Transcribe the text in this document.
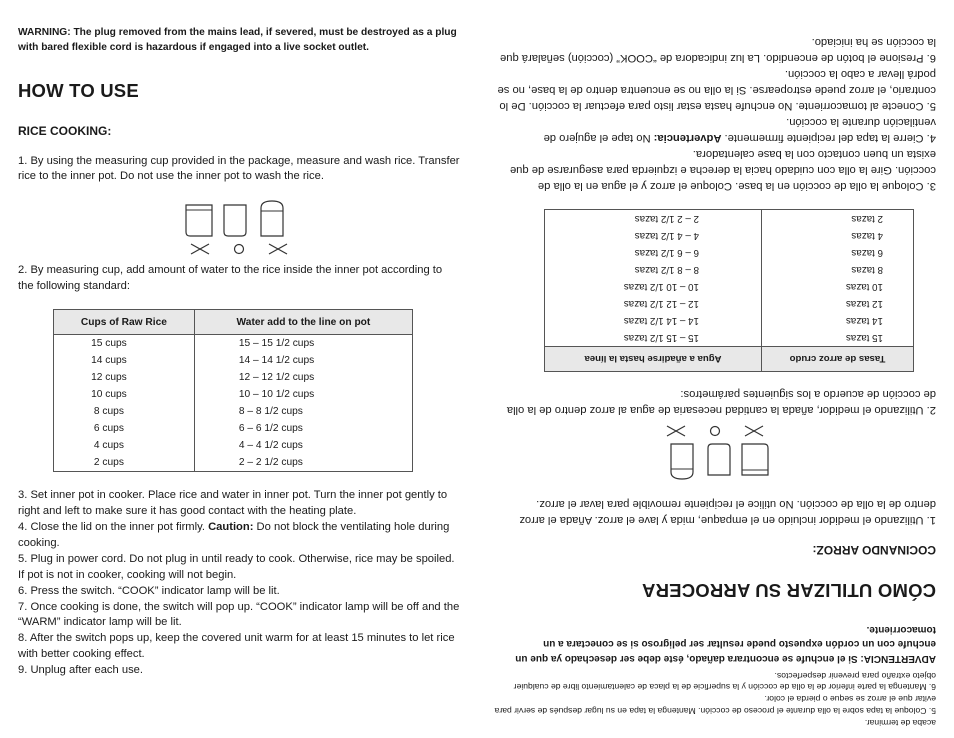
WARNING: The plug removed from the mains lead, if severed, must be destroyed as a plug with bared flexible cord is hazardous if engaged into a live socket outlet.
HOW TO USE
RICE COOKING:

1. By using the measuring cup provided in the package, measure and wash rice. Transfer rice to the inner pot. Do not use the inner pot to wash the rice.

2. By measuring cup, add amount of water to the rice inside the inner pot according to the following standard:

Cups of Raw Rice	Water add to the line on pot
15 cups	15 – 15 1/2 cups
14 cups	14 – 14 1/2 cups
12 cups	12 – 12 1/2 cups
10 cups	10 – 10 1/2 cups
8 cups	8 – 8 1/2 cups
6 cups	6 – 6 1/2 cups
4 cups	4 – 4 1/2 cups
2 cups	2 – 2 1/2 cups

3. Set inner pot in cooker. Place rice and water in inner pot. Turn the inner pot gently to right and left to make sure it has good contact with the heating plate.

4. Close the lid on the inner pot firmly. Caution: Do not block the ventilating hole during cooking.

5. Plug in power cord. Do not plug in until ready to cook. Otherwise, rice may be spoiled. If pot is not in cooker, cooking will not begin.

6. Press the switch. “COOK” indicator lamp will be lit.

7. Once cooking is done, the switch will pop up. “COOK” indicator lamp will be off and the “WARM” indicator lamp will be lit.

8. After the switch pops up, keep the covered unit warm for at least 15 minutes to let rice with better cooking effect.

9. Unplug after each use.

acaba de terminar.

5. Coloque la tapa sobre la olla durante el proceso de cocción. Mantenga la tapa en su lugar después de servir para evitar que el arroz se seque o pierda el color.

6. Mantenga la parte inferior de la olla de cocción y la superficie de la placa de calentamiento libre de cualquier objeto extraño para prevenir desperfectos.

ADVERTENCIA: Si el enchufe se encontrara dañado, éste debe ser desechado ya que un enchufe con un cordón expuesto puede resultar ser peligroso si se conectara a un tomacorriente.
CÓMO UTILIZAR SU ARROCERA
COCINANDO ARROZ:

1. Utilizando el medidor incluido en el empaque, mida y lave el arroz. Añada el arroz dentro de la olla de cocción. No utilice el recipiente removible para lavar el arroz.

2. Utilizando el medidor, añada la cantidad necesaria de agua al arroz dentro de la olla de cocción de acuerdo a los siguientes parámetros:

Tasas de arroz crudo	Agua a añadirse hasta la línea
15 tazas	15 – 15 1/2 tazas
14 tazas	14 – 14 1/2 tazas
12 tazas	12 – 12 1/2 tazas
10 tazas	10 – 10 1/2 tazas
8 tazas	8 – 8 1/2 tazas
6 tazas	6 – 6 1/2 tazas
4 tazas	4 – 4 1/2 tazas
2 tazas	2 – 2 1/2 tazas

3. Coloque la olla de cocción en la base. Coloque el arroz y el agua en la olla de cocción. Gire la olla con cuidado hacia la derecha e izquierda para asegurarse de que exista un buen contacto con la base calentadora.

4. Cierre la tapa del recipiente firmemente. Advertencia: No tape el agujero de ventilación durante la cocción.

5. Conecte al tomacorriente. No enchufe hasta estar listo para efectuar la cocción. De lo contrario, el arroz puede estropearse. Si la olla no se encuentra dentro de la base, no se podrá llevar a cabo la cocción.

6. Presione el botón de encendido. La luz indicadora de “COOK” (cocción) señalará que la cocción se ha iniciado.
